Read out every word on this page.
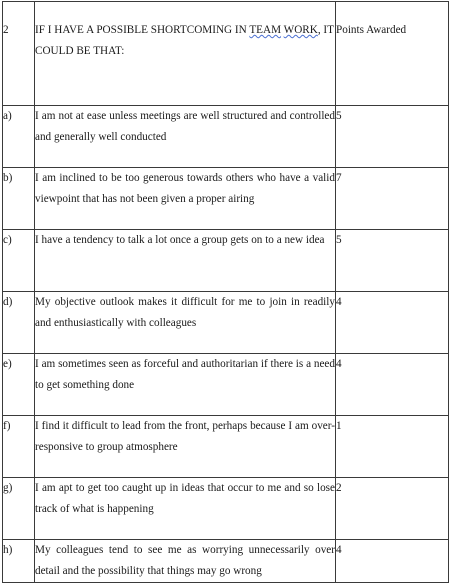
2	IF I HAVE A POSSIBLE SHORTCOMING IN TEAM WORK, IT COULD BE THAT:	Points Awarded
a)	I am not at ease unless meetings are well structured and controlled and generally well conducted	5
b)	I am inclined to be too generous towards others who have a valid viewpoint that has not been given a proper airing	7
c)	I have a tendency to talk a lot once a group gets on to a new idea	5
d)	My objective outlook makes it difficult for me to join in readily and enthusiastically with colleagues	4
e)	I am sometimes seen as forceful and authoritarian if there is a need to get something done	4
f)	I find it difficult to lead from the front, perhaps because I am over-responsive to group atmosphere	1
g)	I am apt to get too caught up in ideas that occur to me and so lose track of what is happening	2
h)	My colleagues tend to see me as worrying unnecessarily over detail and the possibility that things may go wrong	4
